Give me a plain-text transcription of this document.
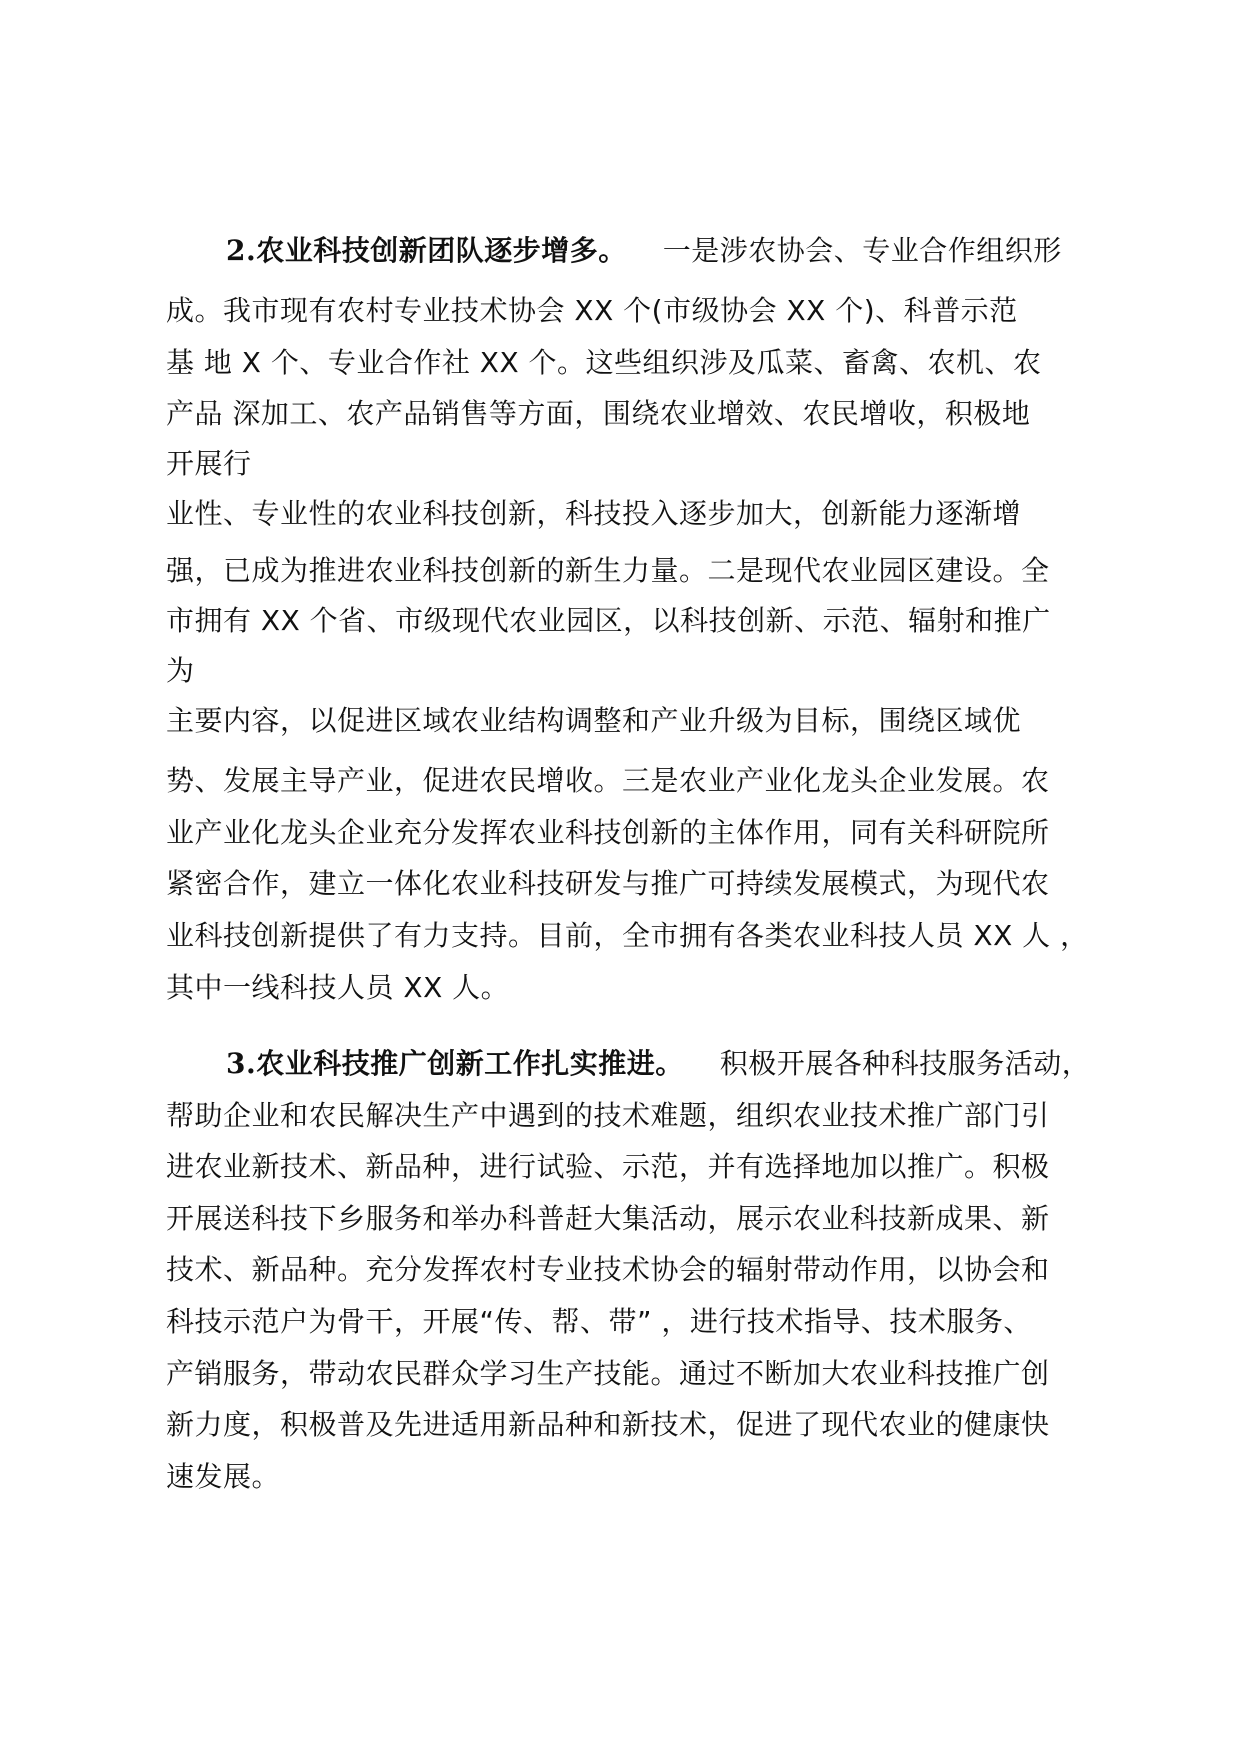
2.农业科技创新团队逐步增多。 一是涉农协会、专业合作组织形
成。我市现有农村专业技术协会 XX 个(市级协会 XX 个)、科普示范
基 地 X 个、专业合作社 XX 个。这些组织涉及瓜菜、畜禽、农机、农
产品 深加工、农产品销售等方面，围绕农业增效、农民增收，积极地
开展行
业性、专业性的农业科技创新，科技投入逐步加大，创新能力逐渐增
强，已成为推进农业科技创新的新生力量。二是现代农业园区建设。全
市拥有 XX 个省、市级现代农业园区，以科技创新、示范、辐射和推广
为
主要内容，以促进区域农业结构调整和产业升级为目标，围绕区域优
势、发展主导产业，促进农民增收。三是农业产业化龙头企业发展。农
业产业化龙头企业充分发挥农业科技创新的主体作用，同有关科研院所
紧密合作，建立一体化农业科技研发与推广可持续发展模式，为现代农
业科技创新提供了有力支持。目前，全市拥有各类农业科技人员 XX 人 ，
其中一线科技人员 XX 人。
3.农业科技推广创新工作扎实推进。 积极开展各种科技服务活动，
帮助企业和农民解决生产中遇到的技术难题，组织农业技术推广部门引
进农业新技术、新品种，进行试验、示范，并有选择地加以推广。积极
开展送科技下乡服务和举办科普赶大集活动，展示农业科技新成果、新
技术、新品种。充分发挥农村专业技术协会的辐射带动作用，以协会和
科技示范户为骨干，开展“传、帮、带” ，进行技术指导、技术服务、
产销服务，带动农民群众学习生产技能。通过不断加大农业科技推广创
新力度，积极普及先进适用新品种和新技术，促进了现代农业的健康快
速发展。
